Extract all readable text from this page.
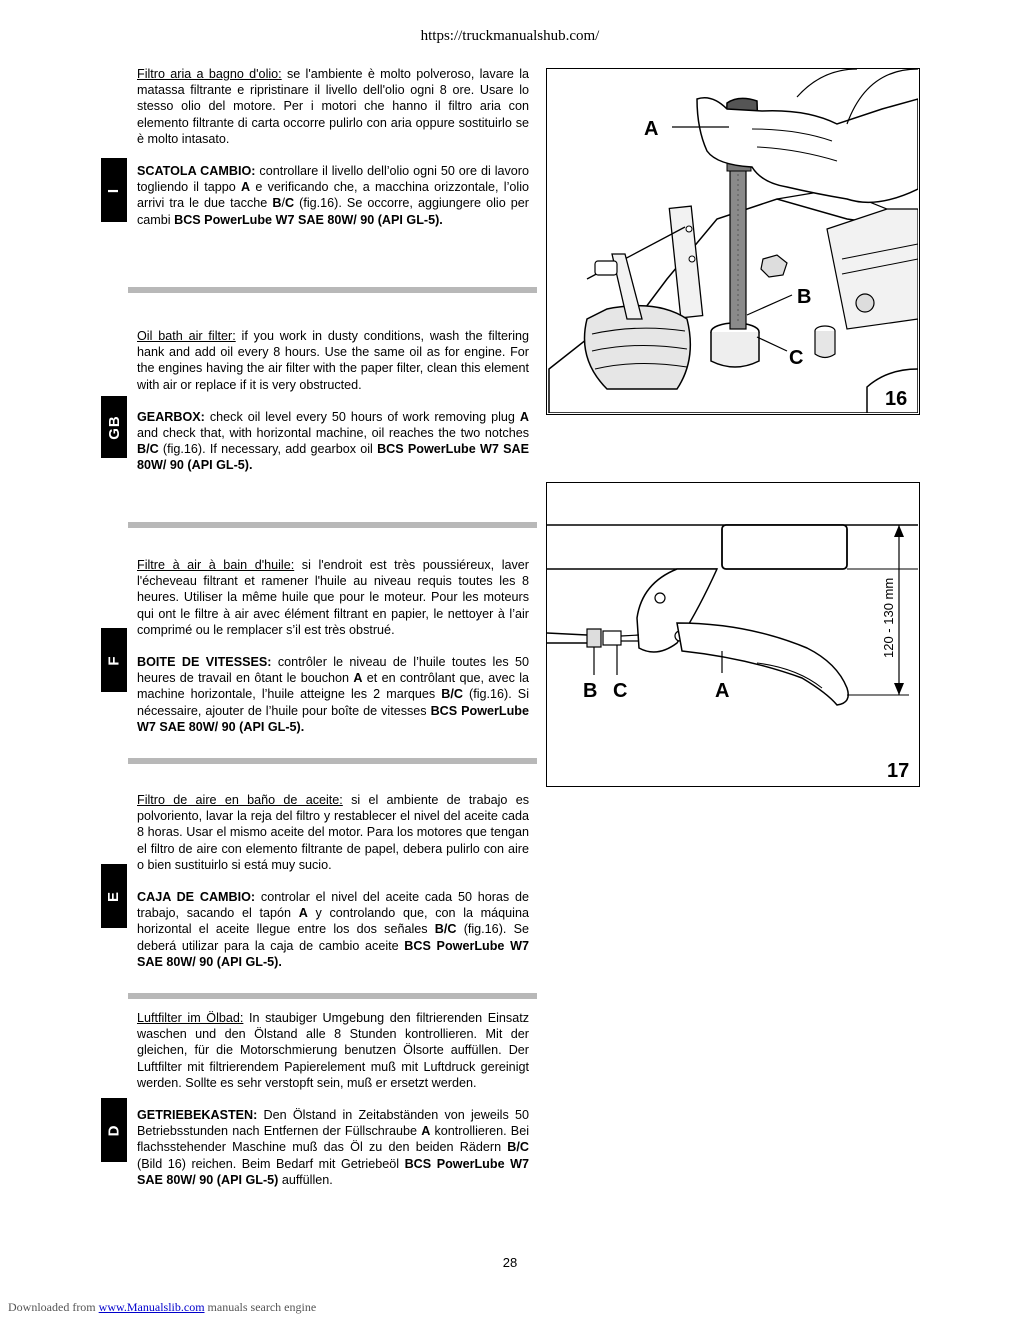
https://truckmanualshub.com/
I

Filtro aria a bagno d'olio: se l'ambiente è molto polveroso, lavare la matassa filtrante e ripristinare il livello dell'olio ogni 8 ore. Usare lo stesso olio del motore. Per i motori che hanno il filtro aria con elemento filtrante di carta occorre pulirlo con aria oppure sostituirlo se è molto intasato.

SCATOLA CAMBIO: controllare il livello dell’olio ogni 50 ore di lavoro togliendo il tappo A e verificando che, a macchina orizzontale, l’olio arrivi tra le due tacche B/C (fig.16). Se occorre, aggiungere olio per cambi BCS PowerLube W7 SAE 80W/ 90 (API GL-5).

GB

Oil bath air filter: if you work in dusty conditions, wash the filtering hank and add oil every 8 hours. Use the same oil as for engine. For the engines having the air filter with the paper filter, clean this element with air or replace if it is very obstructed.

GEARBOX: check oil level every 50 hours of work removing plug A and check that, with horizontal machine, oil reaches the two notches B/C (fig.16). If necessary, add gearbox oil BCS PowerLube W7 SAE 80W/ 90 (API GL-5).

F

Filtre à air à bain d'huile: si l'endroit est très poussiéreux, laver l'écheveau filtrant et ramener l'huile au niveau requis toutes les 8 heures. Utiliser la même huile que pour le moteur. Pour les moteurs qui ont le filtre à air avec élément filtrant en papier, le nettoyer à l’air comprimé ou le remplacer s’il est très obstrué.

BOITE DE VITESSES: contrôler le niveau de l’huile toutes les 50 heures de travail en ôtant le bouchon A et en contrôlant que, avec la machine horizontale, l’huile atteigne les 2 marques B/C (fig.16). Si nécessaire, ajouter de l’huile pour boîte de vitesses BCS PowerLube W7 SAE 80W/ 90 (API GL-5).

E

Filtro de aire en baño de aceite: si el ambiente de trabajo es polvoriento, lavar la reja del filtro y restablecer el nivel del aceite cada 8 horas. Usar el mismo aceite del motor. Para los motores que tengan el filtro de aire con elemento filtrante de papel, debera pulirlo con aire o bien sustituirlo si está muy sucio.

CAJA DE CAMBIO: controlar el nivel del aceite cada 50 horas de trabajo, sacando el tapón A y controlando que, con la máquina horizontal el aceite llegue entre los dos señales B/C (fig.16). Se deberá utilizar para la caja de cambio aceite BCS PowerLube W7 SAE 80W/ 90 (API GL-5).

D

Luftfilter im Ölbad: In staubiger Umgebung den filtrierenden Einsatz waschen und den Ölstand alle 8 Stunden kontrollieren. Mit der gleichen, für die Motorschmierung benutzen Ölsorte auffüllen. Der Luftfilter mit filtrierendem Papierelement muß mit Luftdruck gereinigt werden. Sollte es sehr verstopft sein, muß er ersetzt werden.

GETRIEBEKASTEN: Den Ölstand in Zeitabständen von jeweils 50 Betriebsstunden nach Entfernen der Füllschraube A kontrollieren. Bei flachsstehender Maschine muß das Öl zu den beiden Rädern B/C (Bild 16) reichen. Beim Bedarf mit Getriebeöl BCS PowerLube W7 SAE 80W/ 90 (API GL-5) auffüllen.

A
B
C
16
120 - 130 mm
B C	A
17
28
Downloaded from www.Manualslib.com manuals search engine
